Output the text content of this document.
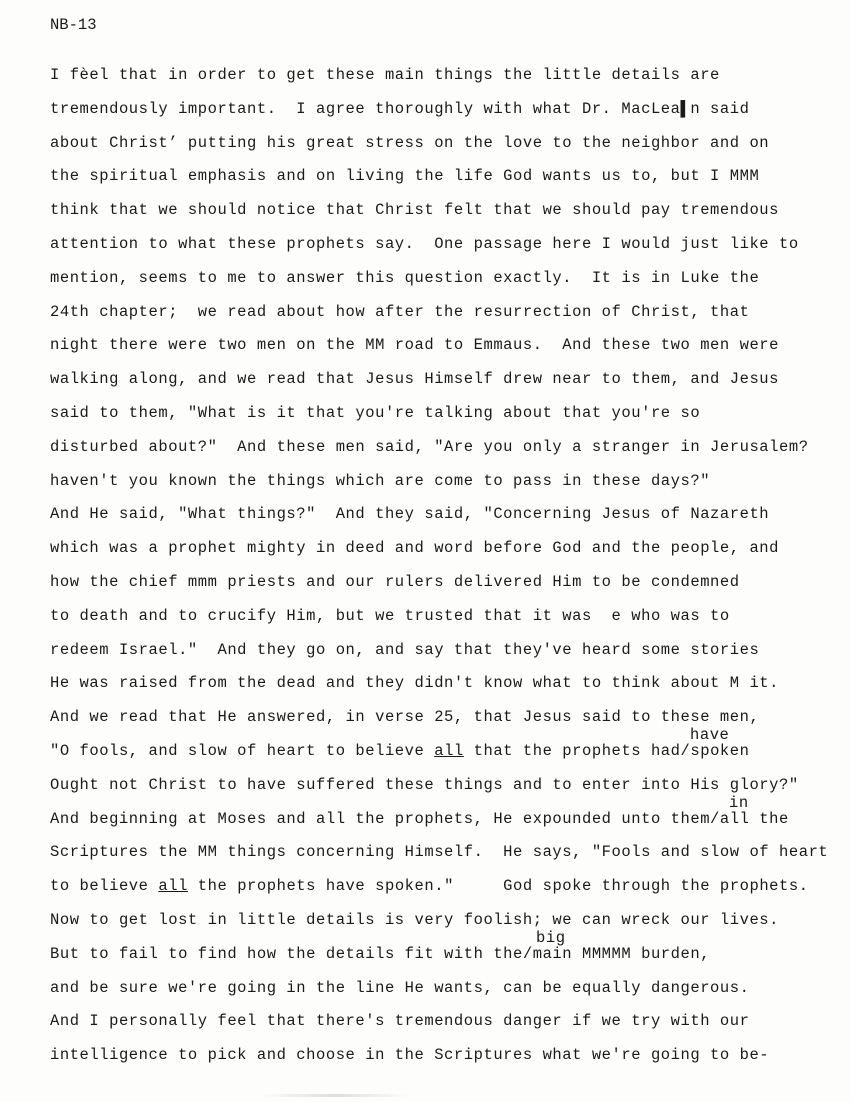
NB-13
I fèel that in order to get these main things the little details are
tremendously important.  I agree thoroughly with what Dr. MacLea▌n said
about Christ’ putting his great stress on the love to the neighbor and on
the spiritual emphasis and on living the life God wants us to, but I MMM
think that we should notice that Christ felt that we should pay tremendous
attention to what these prophets say.  One passage here I would just like to
mention, seems to me to answer this question exactly.  It is in Luke the
24th chapter;  we read about how after the resurrection of Christ, that
night there were two men on the MM road to Emmaus.  And these two men were
walking along, and we read that Jesus Himself drew near to them, and Jesus
said to them, "What is it that you're talking about that you're so
disturbed about?"  And these men said, "Are you only a stranger in Jerusalem?
haven't you known the things which are come to pass in these days?"
And He said, "What things?"  And they said, "Concerning Jesus of Nazareth
which was a prophet mighty in deed and word before God and the people, and
how the chief mmm priests and our rulers delivered Him to be condemned
to death and to crucify Him, but we trusted that it was  e who was to
redeem Israel."  And they go on, and say that they've heard some stories
He was raised from the dead and they didn't know what to think about M it.
And we read that He answered, in verse 25, that Jesus said to these men,
"O fools, and slow of heart to believe all that the prophets had/spoken
Ought not Christ to have suffered these things and to enter into His glory?"
And beginning at Moses and all the prophets, He expounded unto them/all the
Scriptures the MM things concerning Himself.  He says, "Fools and slow of heart
to believe all the prophets have spoken."     God spoke through the prophets.
Now to get lost in little details is very foolish; we can wreck our lives.
But to fail to find how the details fit with the/main MMMMM burden,
and be sure we're going in the line He wants, can be equally dangerous.
And I personally feel that there's tremendous danger if we try with our
intelligence to pick and choose in the Scriptures what we're going to be-
have
in
big
